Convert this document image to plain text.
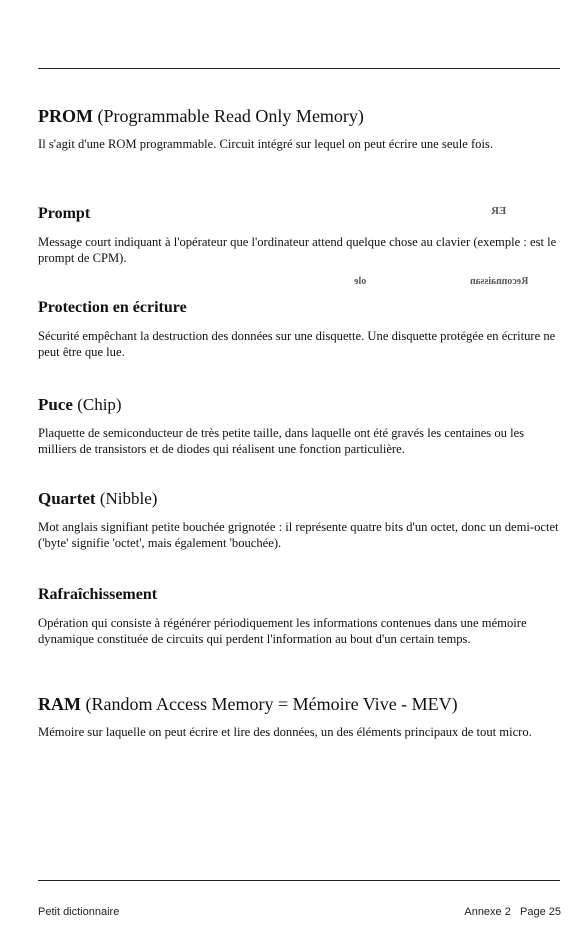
PROM (Programmable Read Only Memory)

Il s'agit d'une ROM programmable. Circuit intégré sur lequel on peut écrire une seule fois.

Prompt

Message court indiquant à l'opérateur que l'ordinateur attend quelque chose au clavier (exemple : est le prompt de CPM).

Protection en écriture

Sécurité empêchant la destruction des données sur une disquette. Une disquette protégée en écriture ne peut être que lue.

Puce (Chip)

Plaquette de semiconducteur de très petite taille, dans laquelle ont été gravés les centaines ou les milliers de transistors et de diodes qui réalisent une fonction particulière.

Quartet (Nibble)

Mot anglais signifiant petite bouchée grignotée : il représente quatre bits d'un octet, donc un demi-octet ('byte' signifie 'octet', mais également 'bouchée).

Rafraîchissement

Opération qui consiste à régénérer périodiquement les informations contenues dans une mémoire dynamique constituée de circuits qui perdent l'information au bout d'un certain temps.

RAM (Random Access Memory = Mémoire Vive - MEV)

Mémoire sur laquelle on peut écrire et lire des données, un des éléments principaux de tout micro.

ER
ole	Reconnaissan
Petit dictionnaire	Annexe 2   Page 25
